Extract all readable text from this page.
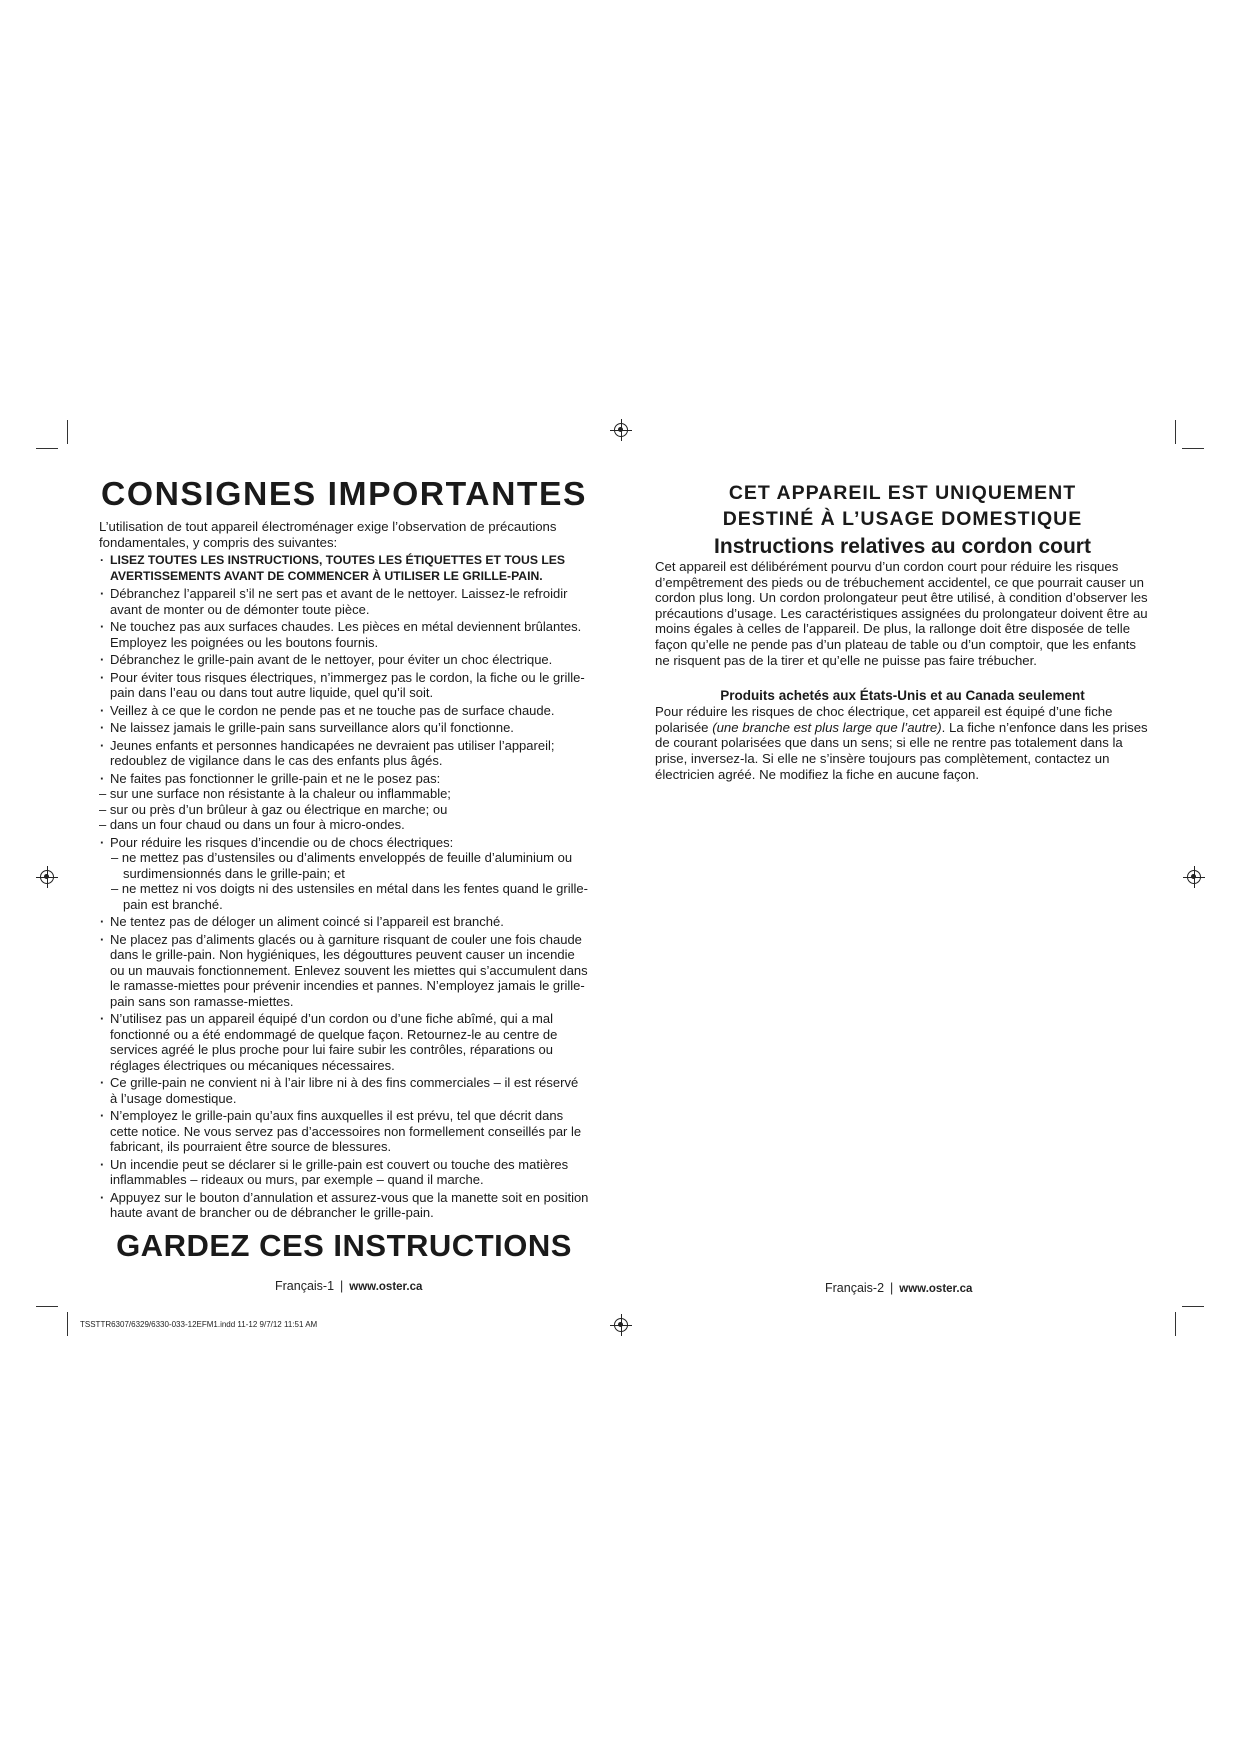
CONSIGNES IMPORTANTES

L’utilisation de tout appareil électroménager exige l’observation de précautions fondamentales, y compris des suivantes:

· LISEZ TOUTES LES INSTRUCTIONS, TOUTES LES ÉTIQUETTES ET TOUS LES AVERTISSEMENTS AVANT DE COMMENCER À UTILISER LE GRILLE-PAIN.
· Débranchez l’appareil s’il ne sert pas et avant de le nettoyer. Laissez-le refroidir avant de monter ou de démonter toute pièce.
· Ne touchez pas aux surfaces chaudes. Les pièces en métal deviennent brûlantes. Employez les poignées ou les boutons fournis.
· Débranchez le grille-pain avant de le nettoyer, pour éviter un choc électrique.
· Pour éviter tous risques électriques, n’immergez pas le cordon, la fiche ou le grille-pain dans l’eau ou dans tout autre liquide, quel qu’il soit.
· Veillez à ce que le cordon ne pende pas et ne touche pas de surface chaude.
· Ne laissez jamais le grille-pain sans surveillance alors qu’il fonctionne.
· Jeunes enfants et personnes handicapées ne devraient pas utiliser l’appareil; redoublez de vigilance dans le cas des enfants plus âgés.
· Ne faites pas fonctionner le grille-pain et ne le posez pas:
– sur une surface non résistante à la chaleur ou inflammable;
– sur ou près d’un brûleur à gaz ou électrique en marche; ou
– dans un four chaud ou dans un four à micro-ondes.
· Pour réduire les risques d’incendie ou de chocs électriques:
– ne mettez pas d’ustensiles ou d’aliments enveloppés de feuille d’aluminium ou surdimensionnés dans le grille-pain; et
– ne mettez ni vos doigts ni des ustensiles en métal dans les fentes quand le grille-pain est branché.
· Ne tentez pas de déloger un aliment coincé si l’appareil est branché.
· Ne placez pas d’aliments glacés ou à garniture risquant de couler une fois chaude dans le grille-pain. Non hygiéniques, les dégouttures peuvent causer un incendie ou un mauvais fonctionnement. Enlevez souvent les miettes qui s’accumulent dans le ramasse-miettes pour prévenir incendies et pannes. N’employez jamais le grille-pain sans son ramasse-miettes.
· N’utilisez pas un appareil équipé d’un cordon ou d’une fiche abîmé, qui a mal fonctionné ou a été endommagé de quelque façon. Retournez-le au centre de services agréé le plus proche pour lui faire subir les contrôles, réparations ou réglages électriques ou mécaniques nécessaires.
· Ce grille-pain ne convient ni à l’air libre ni à des fins commerciales – il est réservé à l’usage domestique.
· N’employez le grille-pain qu’aux fins auxquelles il est prévu, tel que décrit dans cette notice. Ne vous servez pas d’accessoires non formellement conseillés par le fabricant, ils pourraient être source de blessures.
· Un incendie peut se déclarer si le grille-pain est couvert ou touche des matières inflammables – rideaux ou murs, par exemple – quand il marche.
· Appuyez sur le bouton d’annulation et assurez-vous que la manette soit en position haute avant de brancher ou de débrancher le grille-pain.
GARDEZ CES INSTRUCTIONS
Français-1 | www.oster.ca
CET APPAREIL EST UNIQUEMENT
DESTINÉ À L’USAGE DOMESTIQUE
Instructions relatives au cordon court

Cet appareil est délibérément pourvu d’un cordon court pour réduire les risques d’empêtrement des pieds ou de trébuchement accidentel, ce que pourrait causer un cordon plus long. Un cordon prolongateur peut être utilisé, à condition d’observer les précautions d’usage. Les caractéristiques assignées du prolongateur doivent être au moins égales à celles de l’appareil. De plus, la rallonge doit être disposée de telle façon qu’elle ne pende pas d’un plateau de table ou d’un comptoir, que les enfants ne risquent pas de la tirer et qu’elle ne puisse pas faire trébucher.

Produits achetés aux États-Unis et au Canada seulement

Pour réduire les risques de choc électrique, cet appareil est équipé d’une fiche polarisée (une branche est plus large que l’autre). La fiche n’enfonce dans les prises de courant polarisées que dans un sens; si elle ne rentre pas totalement dans la prise, inversez-la. Si elle ne s’insère toujours pas complètement, contactez un électricien agréé. Ne modifiez la fiche en aucune façon.

Français-2 | www.oster.ca
TSSTTR6307/6329/6330-033-12EFM1.indd 11-12 9/7/12 11:51 AM
